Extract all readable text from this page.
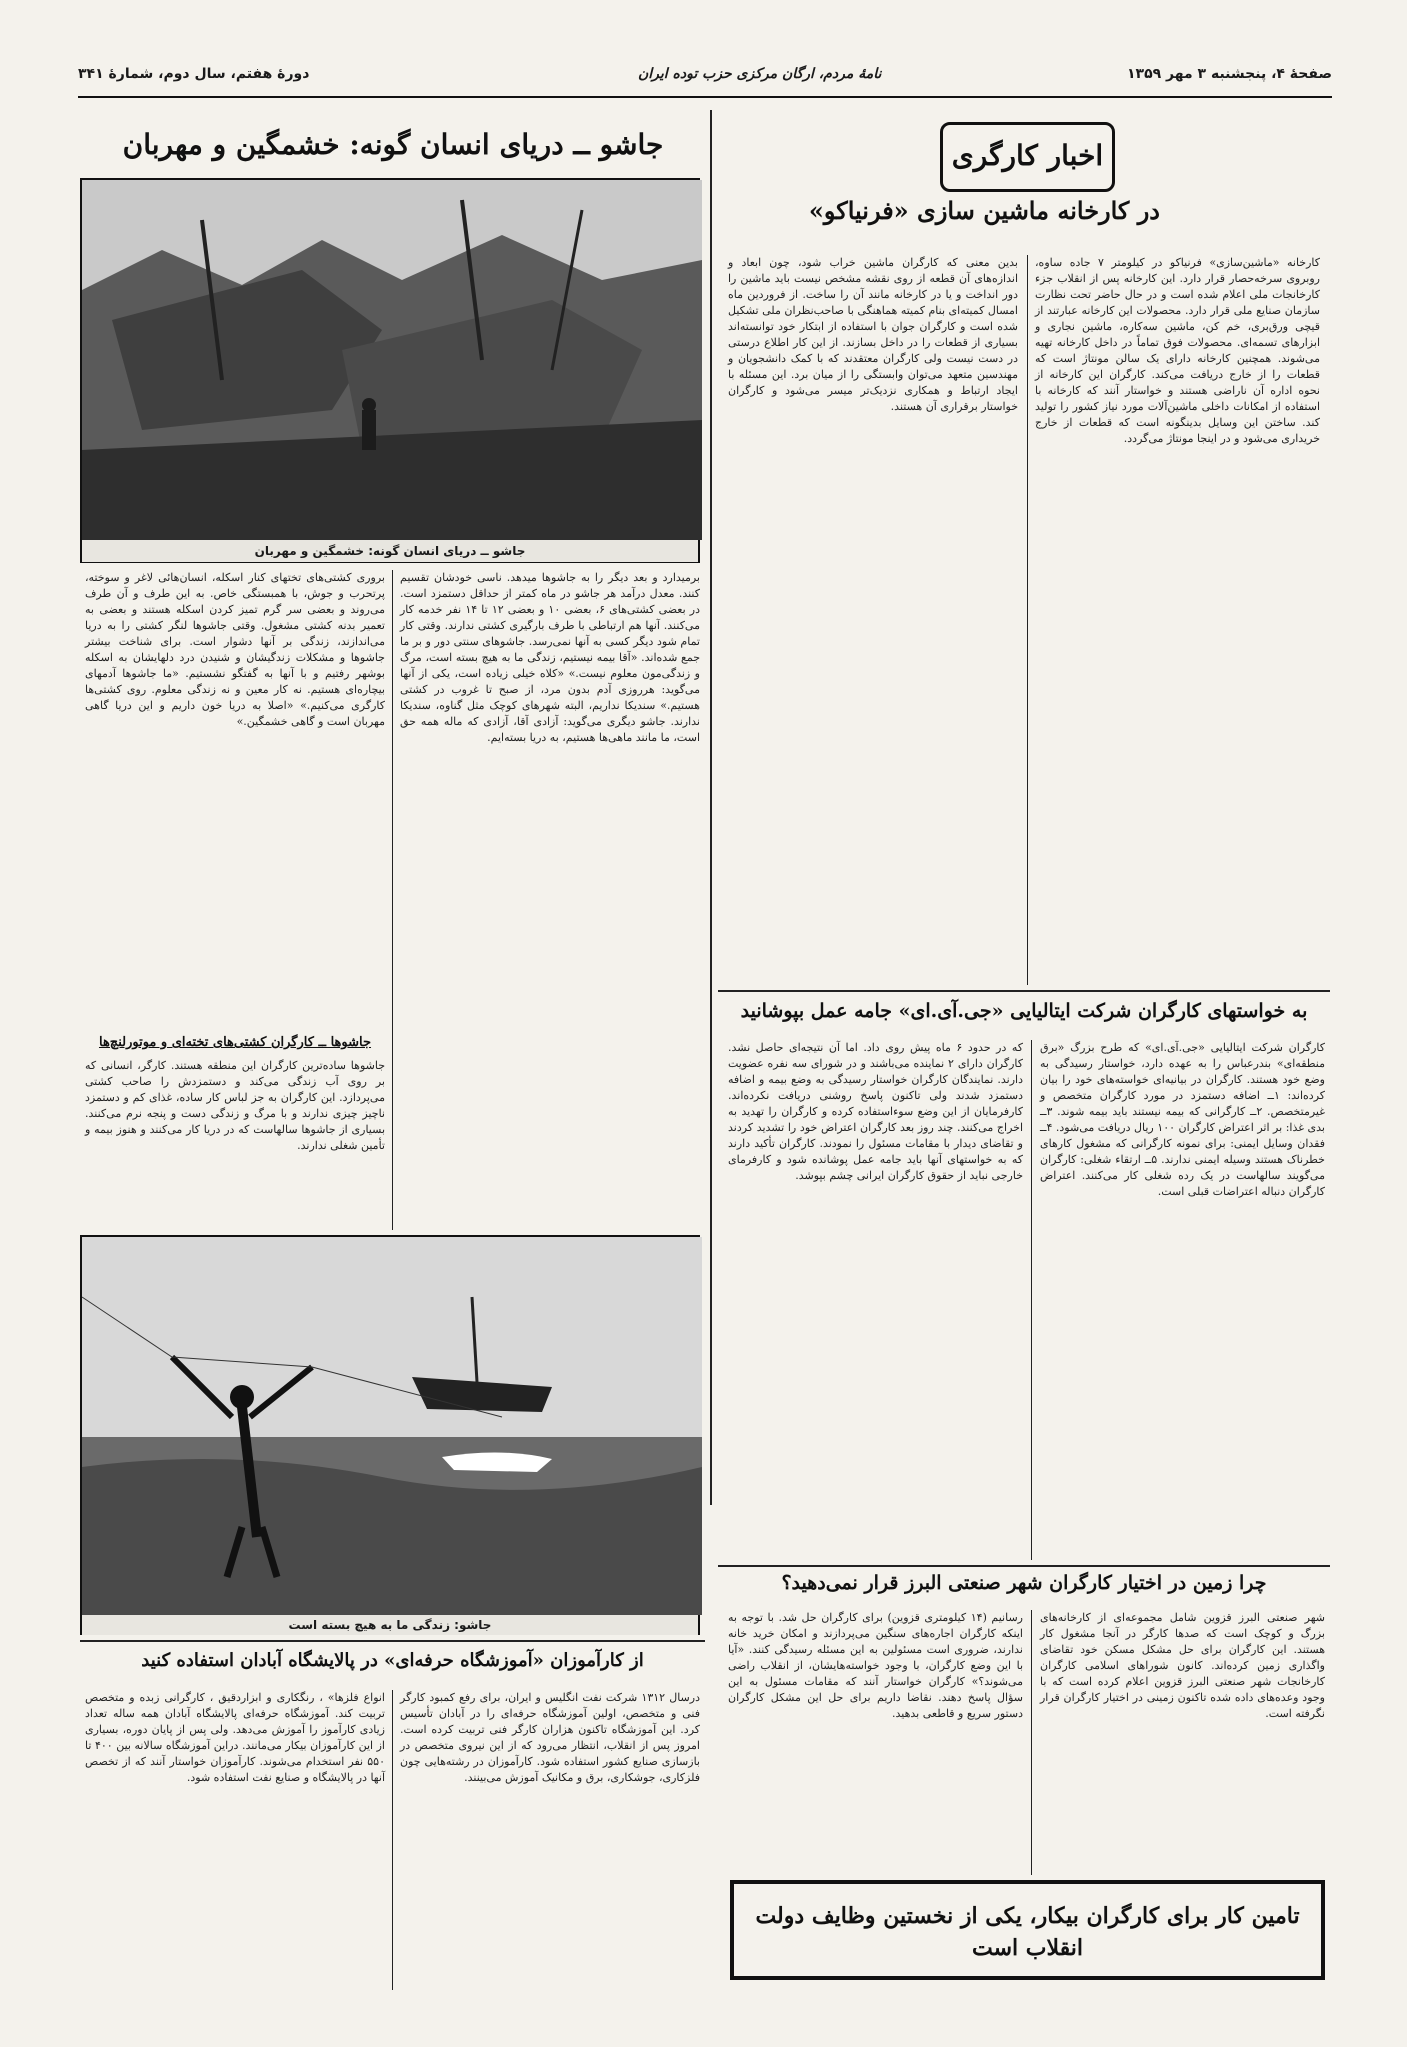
صفحهٔ ۴، پنجشنبه ۳ مهر ۱۳۵۹
نامهٔ مردم، ارگان مرکزی حزب توده ایران
دورهٔ هفتم، سال دوم، شمارهٔ ۳۴۱
اخبار کارگری
در کارخانه ماشین سازی «فرنیاکو»
کارخانه «ماشین‌سازی» فرنیاکو در کیلومتر ۷ جاده ساوه، روبروی سرخه‌حصار قرار دارد. این کارخانه پس از انقلاب جزء کارخانجات ملی اعلام شده است و در حال حاضر تحت نظارت سازمان صنایع ملی قرار دارد. محصولات این کارخانه عبارتند از قیچی ورق‌بری، خم کن، ماشین سه‌کاره، ماشین نجاری و ابزارهای تسمه‌ای. محصولات فوق تماماً در داخل کارخانه تهیه می‌شوند. همچنین کارخانه دارای یک سالن مونتاژ است که قطعات را از خارج دریافت می‌کند. کارگران این کارخانه از نحوه اداره آن ناراضی هستند و خواستار آنند که کارخانه با استفاده از امکانات داخلی ماشین‌آلات مورد نیاز کشور را تولید کند. ساختن این وسایل بدینگونه است که قطعات از خارج خریداری می‌شود و در اینجا مونتاژ می‌گردد.
بدین معنی که کارگران ماشین خراب شود، چون ابعاد و اندازه‌های آن قطعه از روی نقشه مشخص نیست باید ماشین را دور انداخت و یا در کارخانه مانند آن را ساخت. از فروردین ماه امسال کمیته‌ای بنام کمیته هماهنگی با صاحب‌نظران ملی تشکیل شده است و کارگران جوان با استفاده از ابتکار خود توانسته‌اند بسیاری از قطعات را در داخل بسازند. از این کار اطلاع درستی در دست نیست ولی کارگران معتقدند که با کمک دانشجویان و مهندسین متعهد می‌توان وابستگی را از میان برد. این مسئله با ایجاد ارتباط و همکاری نزدیک‌تر میسر می‌شود و کارگران خواستار برقراری آن هستند.
به خواستهای کارگران شرکت ایتالیایی «جی.آی.ای» جامه عمل بپوشانید
کارگران شرکت ایتالیایی «جی.آی.ای» که طرح بزرگ «برق منطقه‌ای» بندرعباس را به عهده دارد، خواستار رسیدگی به وضع خود هستند. کارگران در بیانیه‌ای خواسته‌های خود را بیان کرده‌اند: ۱ــ اضافه دستمزد در مورد کارگران متخصص و غیرمتخصص. ۲ــ کارگرانی که بیمه نیستند باید بیمه شوند. ۳ــ بدی غذا: بر اثر اعتراض کارگران ۱۰۰ ریال دریافت می‌شود. ۴ــ فقدان وسایل ایمنی: برای نمونه کارگرانی که مشغول کارهای خطرناک هستند وسیله ایمنی ندارند. ۵ــ ارتقاء شغلی: کارگران می‌گویند سالهاست در یک رده شغلی کار می‌کنند. اعتراض کارگران دنباله اعتراضات قبلی است.
که در حدود ۶ ماه پیش روی داد. اما آن نتیجه‌ای حاصل نشد. کارگران دارای ۲ نماینده می‌باشند و در شورای سه نفره عضویت دارند. نمایندگان کارگران خواستار رسیدگی به وضع بیمه و اضافه دستمزد شدند ولی تاکنون پاسخ روشنی دریافت نکرده‌اند. کارفرمایان از این وضع سوءاستفاده کرده و کارگران را تهدید به اخراج می‌کنند. چند روز بعد کارگران اعتراض خود را تشدید کردند و تقاضای دیدار با مقامات مسئول را نمودند. کارگران تأکید دارند که به خواستهای آنها باید جامه عمل پوشانده شود و کارفرمای خارجی نباید از حقوق کارگران ایرانی چشم بپوشد.
چرا زمین در اختیار کارگران شهر صنعتی البرز قرار نمی‌دهید؟
شهر صنعتی البرز قزوین شامل مجموعه‌ای از کارخانه‌های بزرگ و کوچک است که صدها کارگر در آنجا مشغول کار هستند. این کارگران برای حل مشکل مسکن خود تقاضای واگذاری زمین کرده‌اند. کانون شوراهای اسلامی کارگران کارخانجات شهر صنعتی البرز قزوین اعلام کرده است که با وجود وعده‌های داده شده تاکنون زمینی در اختیار کارگران قرار نگرفته است.
رسانیم (۱۴ کیلومتری قزوین) برای کارگران حل شد. با توجه به اینکه کارگران اجاره‌های سنگین می‌پردازند و امکان خرید خانه ندارند، ضروری است مسئولین به این مسئله رسیدگی کنند. «آیا با این وضع کارگران، با وجود خواسته‌هایشان، از انقلاب راضی می‌شوند؟» کارگران خواستار آنند که مقامات مسئول به این سؤال پاسخ دهند. نقاضا داریم برای حل این مشکل کارگران دستور سریع و قاطعی بدهید.
تامین کار برای کارگران بیکار، یکی از نخستین وظایف دولت انقلاب است
جاشو ــ دریای انسان گونه: خشمگین و مهربان
جاشو ــ دریای انسان گونه: خشمگین و مهربان
برمیدارد و بعد دیگر را به جاشوها میدهد. ناسی خودشان تقسیم کنند. معدل درآمد هر جاشو در ماه کمتر از حداقل دستمزد است. در بعضی کشتی‌های ۶، بعضی ۱۰ و بعضی ۱۲ تا ۱۴ نفر خدمه کار می‌کنند. آنها هم ارتباطی با طرف بارگیری کشتی ندارند. وقتی کار تمام شود دیگر کسی به آنها نمی‌رسد. جاشوهای سنتی دور و بر ما جمع شده‌اند. «آقا بیمه نیستیم، زندگی ما به هیچ بسته است، مرگ و زندگی‌مون معلوم نیست.» «کلاه خیلی زیاده است، یکی از آنها می‌گوید: هرروزی آدم بدون مرد، از صبح تا غروب در کشتی هستیم.» سندیکا نداریم، البته شهرهای کوچک مثل گناوه، سندیکا ندارند. جاشو دیگری می‌گوید: آزادی آقا، آزادی که ماله همه حق است، ما مانند ماهی‌ها هستیم، به دریا بسته‌ایم.
بروری کشتی‌های تختهای کنار اسکله، انسان‌هائی لاغر و سوخته، پرتحرب و جوش، با همبستگی خاص. به این طرف و آن طرف می‌روند و بعضی سر گرم تمیز کردن اسکله هستند و بعضی به تعمیر بدنه کشتی مشغول. وقتی جاشوها لنگر کشتی را به دریا می‌اندازند، زندگی بر آنها دشوار است. برای شناخت بیشتر جاشوها و مشکلات زندگیشان و شنیدن درد دلهایشان به اسکله بوشهر رفتیم و با آنها به گفتگو نشستیم. «ما جاشوها آدمهای بیچاره‌ای هستیم. نه کار معین و نه زندگی معلوم. روی کشتی‌ها کارگری می‌کنیم.» «اصلا به دریا خون داریم و این دریا گاهی مهربان است و گاهی خشمگین.»
جاشوها ــ کارگران کشتی‌های تخته‌ای و موتورلنچ‌ها
جاشوها ساده‌ترین کارگران این منطقه هستند. کارگر، انسانی که بر روی آب زندگی می‌کند و دستمزدش را صاحب کشتی می‌پردازد. این کارگران به جز لباس کار ساده، غذای کم و دستمزد ناچیز چیزی ندارند و با مرگ و زندگی دست و پنجه نرم می‌کنند. بسیاری از جاشوها سالهاست که در دریا کار می‌کنند و هنوز بیمه و تأمین شغلی ندارند.
جاشو: زندگی ما به هیچ بسته است
از کارآموزان «آموزشگاه حرفه‌ای» در پالایشگاه آبادان استفاده کنید
انواع فلزها» ، رنگکاری و ابزاردقیق ، کارگرانی زبده و متخصص تربیت کند. آموزشگاه حرفه‌ای پالایشگاه آبادان همه ساله تعداد زیادی کارآموز را آموزش می‌دهد. ولی پس از پایان دوره، بسیاری از این کارآموزان بیکار می‌مانند. دراین آموزشگاه سالانه بین ۴۰۰ تا ۵۵۰ نفر استخدام می‌شوند. کارآموزان خواستار آنند که از تخصص آنها در پالایشگاه و صنایع نفت استفاده شود.
درسال ۱۳۱۲ شرکت نفت انگلیس و ایران، برای رفع کمبود کارگر فنی و متخصص، اولین آموزشگاه حرفه‌ای را در آبادان تأسیس کرد. این آموزشگاه تاکنون هزاران کارگر فنی تربیت کرده است. امروز پس از انقلاب، انتظار می‌رود که از این نیروی متخصص در بازسازی صنایع کشور استفاده شود. کارآموزان در رشته‌هایی چون فلزکاری، جوشکاری، برق و مکانیک آموزش می‌بینند.
